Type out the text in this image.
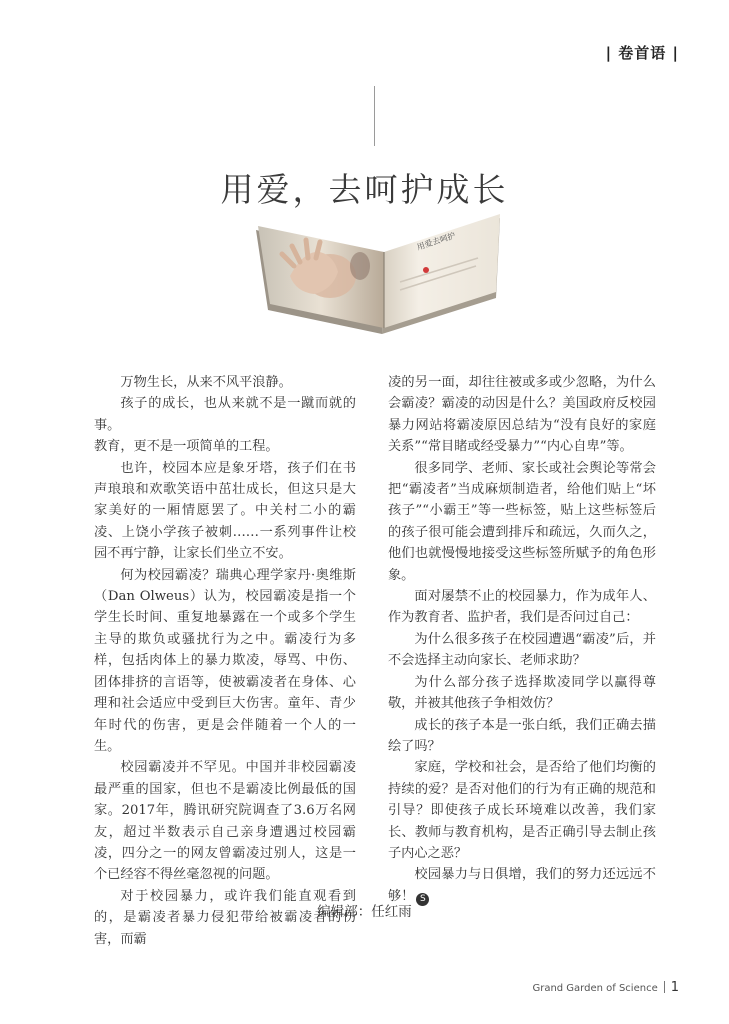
| 卷首语 |
用爱，去呵护成长
用爱去呵护

万物生长，从来不风平浪静。

孩子的成长，也从来就不是一蹴而就的事。

教育，更不是一项简单的工程。

也许，校园本应是象牙塔，孩子们在书声琅琅和欢歌笑语中茁壮成长，但这只是大家美好的一厢情愿罢了。中关村二小的霸凌、上饶小学孩子被刺……一系列事件让校园不再宁静，让家长们坐立不安。

何为校园霸凌？瑞典心理学家丹·奥维斯（Dan Olweus）认为，校园霸凌是指一个学生长时间、重复地暴露在一个或多个学生主导的欺负或骚扰行为之中。霸凌行为多样，包括肉体上的暴力欺凌，辱骂、中伤、团体排挤的言语等，使被霸凌者在身体、心理和社会适应中受到巨大伤害。童年、青少年时代的伤害，更是会伴随着一个人的一生。

校园霸凌并不罕见。中国并非校园霸凌最严重的国家，但也不是霸凌比例最低的国家。2017年，腾讯研究院调查了3.6万名网友，超过半数表示自己亲身遭遇过校园霸凌，四分之一的网友曾霸凌过别人，这是一个已经容不得丝毫忽视的问题。

对于校园暴力，或许我们能直观看到的，是霸凌者暴力侵犯带给被霸凌者的伤害，而霸

凌的另一面，却往往被或多或少忽略，为什么会霸凌？霸凌的动因是什么？美国政府反校园暴力网站将霸凌原因总结为“没有良好的家庭关系”“常目睹或经受暴力”“内心自卑”等。

很多同学、老师、家长或社会舆论等常会把“霸凌者”当成麻烦制造者，给他们贴上“坏孩子”“小霸王”等一些标签，贴上这些标签后的孩子很可能会遭到排斥和疏远，久而久之，他们也就慢慢地接受这些标签所赋予的角色形象。

面对屡禁不止的校园暴力，作为成年人、作为教育者、监护者，我们是否问过自己：

为什么很多孩子在校园遭遇“霸凌”后，并不会选择主动向家长、老师求助？

为什么部分孩子选择欺凌同学以赢得尊敬，并被其他孩子争相效仿？

成长的孩子本是一张白纸，我们正确去描绘了吗？

家庭，学校和社会，是否给了他们均衡的持续的爱？是否对他们的行为有正确的规范和引导？即使孩子成长环境难以改善，我们家长、教师与教育机构，是否正确引导去制止孩子内心之恶？

校园暴力与日俱增，我们的努力还远远不够！ S

编辑部：任红雨
Grand Garden of Science 1
